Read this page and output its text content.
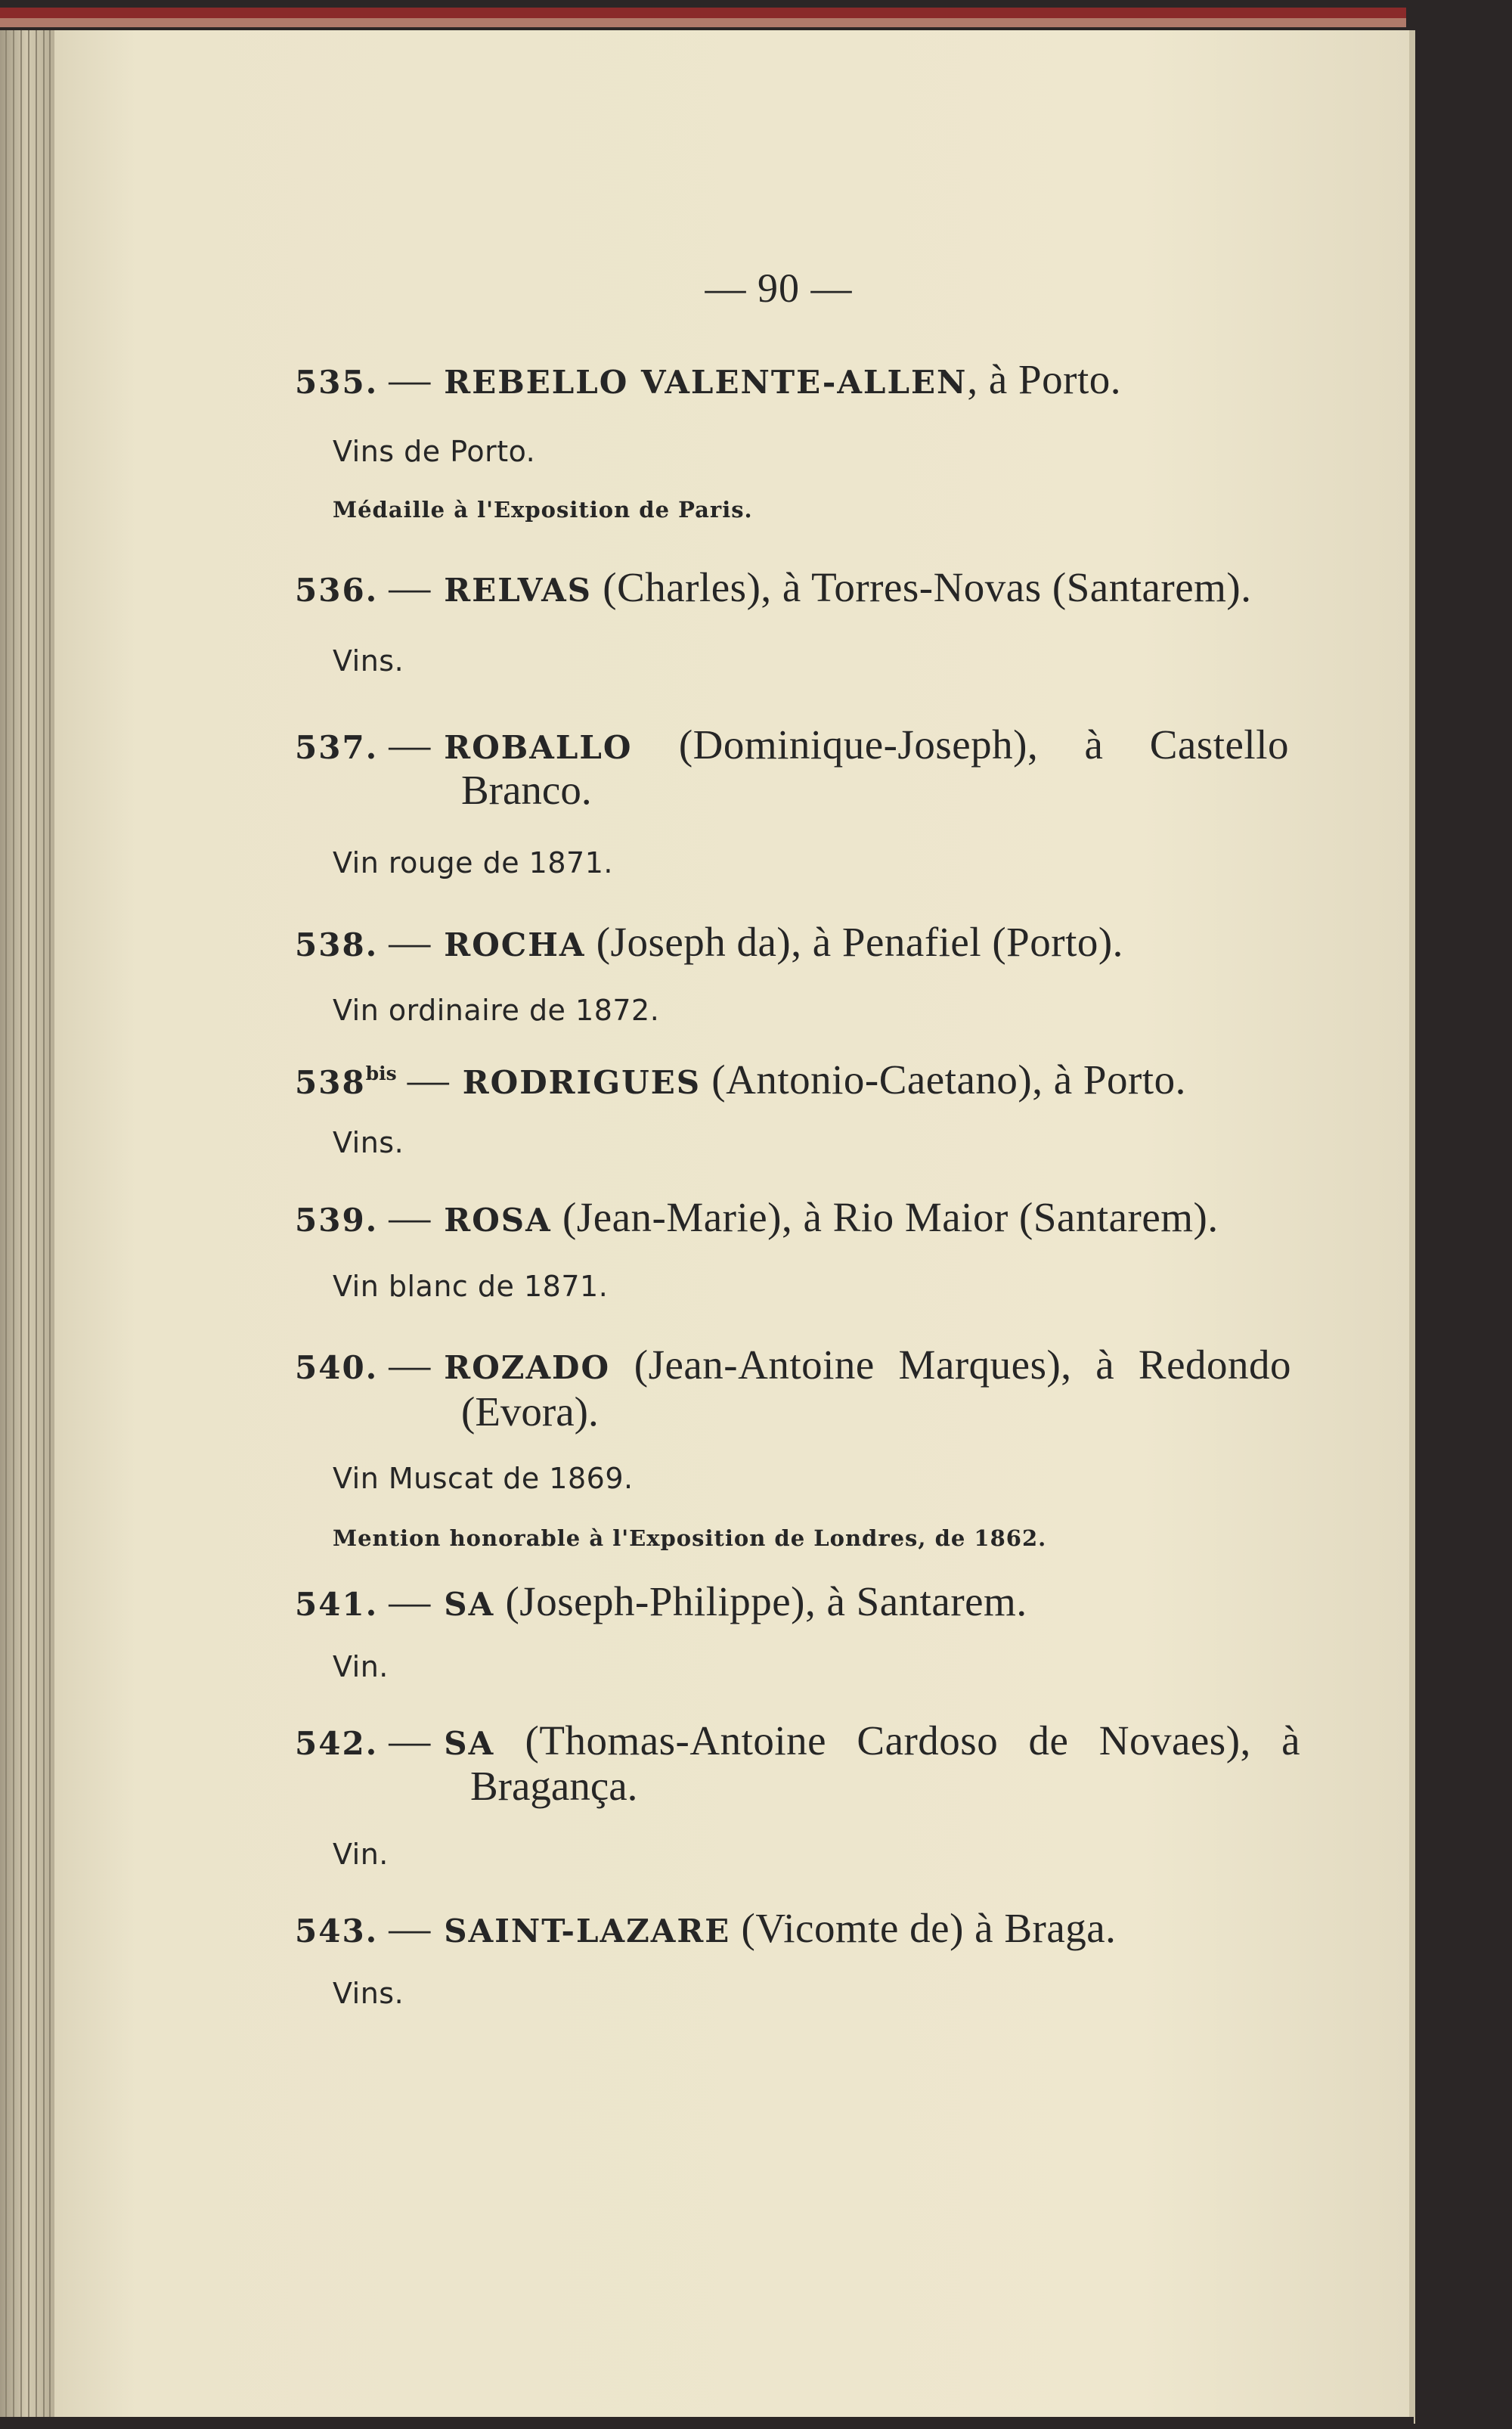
— 90 —
535. — REBELLO VALENTE-ALLEN, à Porto.
Vins de Porto.
Médaille à l'Exposition de Paris.
536. — RELVAS (Charles), à Torres-Novas (Santarem).
Vins.
537. — ROBALLO (Dominique-Joseph), à Castello
Branco.
Vin rouge de 1871.
538. — ROCHA (Joseph da), à Penafiel (Porto).
Vin ordinaire de 1872.
$538^{bis}$ — RODRIGUES (Antonio-Caetano), à Porto.
Vins.
539. — ROSA (Jean-Marie), à Rio Maior (Santarem).
Vin blanc de 1871.
540. — ROZADO (Jean-Antoine Marques), à Redondo
(Evora).
Vin Muscat de 1869.
Mention honorable à l'Exposition de Londres, de 1862.
541. — SA (Joseph-Philippe), à Santarem.
Vin.
542. — SA (Thomas-Antoine Cardoso de Novaes), à
Bragança.
Vin.
543. — SAINT-LAZARE (Vicomte de) à Braga.
Vins.
